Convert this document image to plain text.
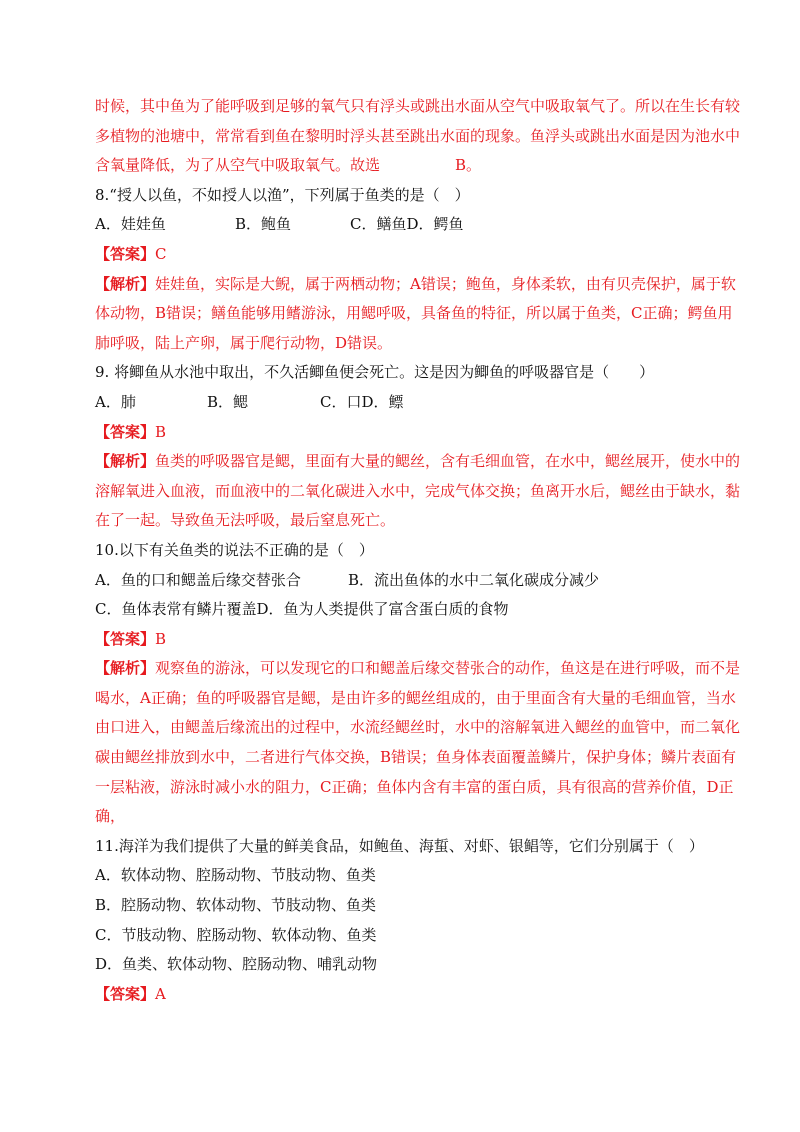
时候，其中鱼为了能呼吸到足够的氧气只有浮头或跳出水面从空气中吸取氧气了。所以在生长有较
多植物的池塘中，常常看到鱼在黎明时浮头甚至跳出水面的现象。鱼浮头或跳出水面是因为池水中
含氧量降低，为了从空气中吸取氧气。故选　　　　　B。
8.“授人以鱼，不如授人以渔”，下列属于鱼类的是（　）
A．娃娃鱼	B．鲍鱼	C．鳝鱼D．鳄鱼
【答案】C
【解析】娃娃鱼，实际是大鲵，属于两栖动物；A错误；鲍鱼，身体柔软，由有贝壳保护，属于软
体动物，B错误；鳝鱼能够用鳍游泳，用鳃呼吸，具备鱼的特征，所以属于鱼类，C正确；鳄鱼用
肺呼吸，陆上产卵，属于爬行动物，D错误。
9. 将鲫鱼从水池中取出，不久活鲫鱼便会死亡。这是因为鲫鱼的呼吸器官是（　　）
A．肺	B．鳃	C．口D．鳔
【答案】B
【解析】鱼类的呼吸器官是鳃，里面有大量的鳃丝，含有毛细血管，在水中，鳃丝展开，使水中的
溶解氧进入血液，而血液中的二氧化碳进入水中，完成气体交换；鱼离开水后，鳃丝由于缺水，黏
在了一起。导致鱼无法呼吸，最后窒息死亡。
10.以下有关鱼类的说法不正确的是（　）
A．鱼的口和鳃盖后缘交替张合	B．流出鱼体的水中二氧化碳成分减少
C．鱼体表常有鳞片覆盖D．鱼为人类提供了富含蛋白质的食物
【答案】B
【解析】观察鱼的游泳，可以发现它的口和鳃盖后缘交替张合的动作，鱼这是在进行呼吸，而不是
喝水，A正确；鱼的呼吸器官是鳃，是由许多的鳃丝组成的，由于里面含有大量的毛细血管，当水
由口进入，由鳃盖后缘流出的过程中，水流经鳃丝时，水中的溶解氧进入鳃丝的血管中，而二氧化
碳由鳃丝排放到水中，二者进行气体交换，B错误；鱼身体表面覆盖鳞片，保护身体；鳞片表面有
一层粘液，游泳时减小水的阻力，C正确；鱼体内含有丰富的蛋白质，具有很高的营养价值，D正
确，
11.海洋为我们提供了大量的鲜美食品，如鲍鱼、海蜇、对虾、银鲳等，它们分别属于（　）
A．软体动物、腔肠动物、节肢动物、鱼类
B．腔肠动物、软体动物、节肢动物、鱼类
C．节肢动物、腔肠动物、软体动物、鱼类
D．鱼类、软体动物、腔肠动物、哺乳动物
【答案】A
